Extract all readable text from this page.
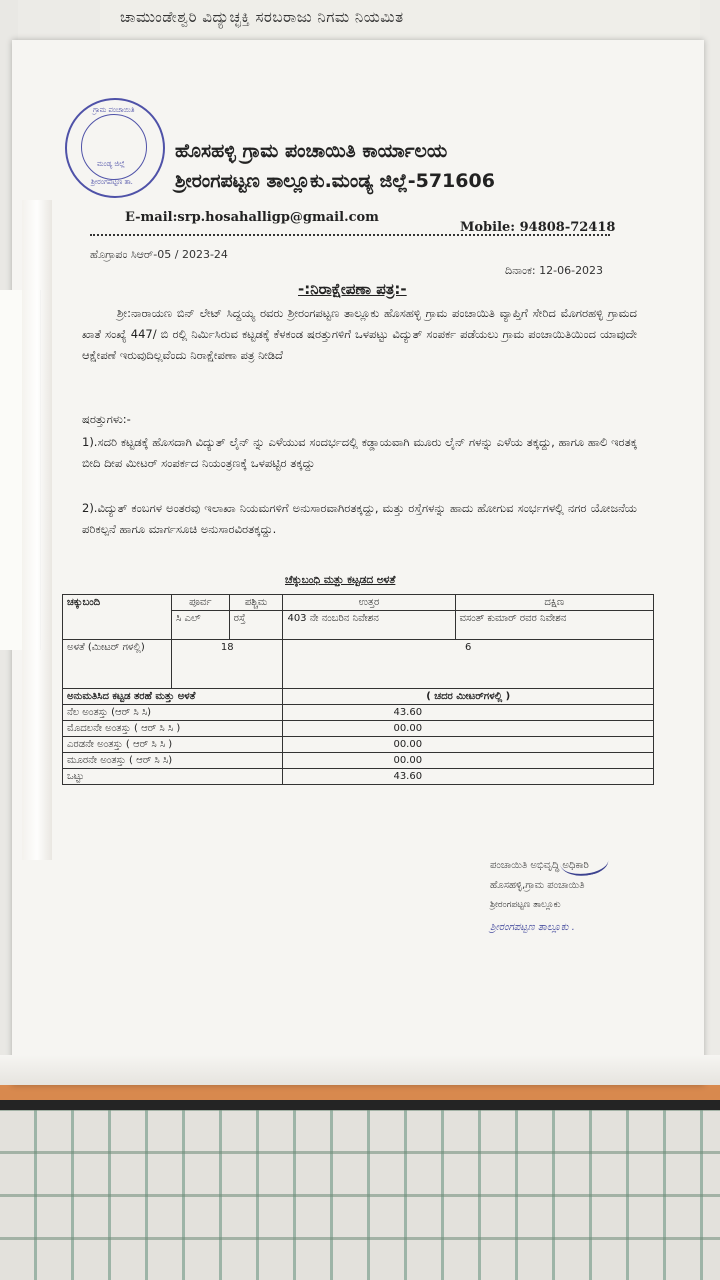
ಚಾಮುಂಡೇಶ್ವರಿ ವಿದ್ಯುಚ್ಛಕ್ತಿ ಸರಬರಾಜು ನಿಗಮ ನಿಯಮಿತ
ಗ್ರಾಮ ಪಂಚಾಯಿತಿ
ಮಂಡ್ಯ ಜಿಲ್ಲೆ
ಶ್ರೀರಂಗಪಟ್ಟಣ ತಾ.
ಹೊಸಹಳ್ಳಿ ಗ್ರಾಮ ಪಂಚಾಯಿತಿ ಕಾರ್ಯಾಲಯ
ಶ್ರೀರಂಗಪಟ್ಟಣ ತಾಲ್ಲೂಕು.ಮಂಡ್ಯ ಜಿಲ್ಲೆ-571606
E-mail:srp.hosahalligp@gmail.com
Mobile: 94808-72418
ಹೊಗ್ರಾಪಂ ಸಿಆರ್-05 / 2023-24
ದಿನಾಂಕ: 12-06-2023
-:ನಿರಾಕ್ಷೇಪಣಾ ಪತ್ರ:-
ಶ್ರೀ:ನಾರಾಯಣ ಬಿನ್ ಲೇಟ್ ಸಿದ್ದಯ್ಯ ರವರು ಶ್ರೀರಂಗಪಟ್ಟಣ ತಾಲ್ಲೂಕು ಹೊಸಹಳ್ಳಿ ಗ್ರಾಮ ಪಂಚಾಯಿತಿ ವ್ಯಾಪ್ತಿಗೆ ಸೇರಿದ ಮೊಗರಹಳ್ಳಿ ಗ್ರಾಮದ ಖಾತೆ ಸಂಖ್ಯೆ 447/ ಬಿ ರಲ್ಲಿ ನಿರ್ಮಿಸಿರುವ ಕಟ್ಟಡಕ್ಕೆ ಕೆಳಕಂಡ ಷರತ್ತುಗಳಿಗೆ ಒಳಪಟ್ಟು ವಿದ್ಯುತ್ ಸಂಪರ್ಕ ಪಡೆಯಲು ಗ್ರಾಮ ಪಂಚಾಯಿತಿಯಿಂದ ಯಾವುದೇ ಆಕ್ಷೇಪಣೆ ಇರುವುದಿಲ್ಲವೆಂದು ನಿರಾಕ್ಷೇಪಣಾ ಪತ್ರ ನೀಡಿದೆ
ಷರತ್ತುಗಳು:-
1).ಸದರಿ ಕಟ್ಟಡಕ್ಕೆ ಹೊಸದಾಗಿ ವಿದ್ಯುತ್ ಲೈನ್ ನ್ನು ಎಳೆಯುವ ಸಂದರ್ಭದಲ್ಲಿ ಕಡ್ಡಾಯವಾಗಿ ಮೂರು ಲೈನ್ ಗಳನ್ನು ಎಳೆಯ ತಕ್ಕದ್ದು, ಹಾಗೂ ಹಾಲಿ ಇರತಕ್ಕ ಬೀದಿ ದೀಪ ಮೀಟರ್ ಸಂಪರ್ಕದ ನಿಯಂತ್ರಣಕ್ಕೆ ಒಳಪಟ್ಟಿರ ತಕ್ಕದ್ದು
2).ವಿದ್ಯುತ್ ಕಂಬಗಳ ಅಂತರವು ಇಲಾಖಾ ನಿಯಮಗಳಿಗೆ ಅನುಸಾರವಾಗಿರತಕ್ಕದ್ದು, ಮತ್ತು ರಸ್ತೆಗಳನ್ನು ಹಾದು ಹೋಗುವ ಸಂರ್ಭಗಳಲ್ಲಿ ನಗರ ಯೋಜನೆಯ ಪರಿಕಲ್ಪನೆ ಹಾಗೂ ಮಾರ್ಗಸೂಚಿ ಅನುಸಾರವಿರತಕ್ಕದ್ದು.
ಚೆಕ್ಕುಬಂಧಿ ಮತ್ತು ಕಟ್ಟಡದ ಅಳತೆ
ಚಕ್ಕುಬಂದಿ	ಪೂರ್ವ	ಪಶ್ಚಿಮ	ಉತ್ತರ	ದಕ್ಷಿಣ
	ಸಿ ಎಲ್	ರಸ್ತೆ	403 ನೇ ನಂಬರಿನ ನಿವೇಶನ	ವಸಂತ್ ಕುಮಾರ್ ರವರ ನಿವೇಶನ
ಅಳತೆ (ಮೀಟರ್ ಗಳಲ್ಲಿ)	18		6	
ಅನುಮತಿಸಿದ ಕಟ್ಟಡ ತರಹೆ ಮತ್ತು ಅಳತೆ			( ಚದರ ಮೀಟರ್‌ಗಳಲ್ಲಿ )	
ನೆಲ ಅಂತಸ್ತು (ಆರ್ ಸಿ ಸಿ)			43.60	
ಮೊದಲನೇ ಅಂತಸ್ತು ( ಆರ್ ಸಿ ಸಿ )			00.00	
ಎರಡನೇ ಅಂತಸ್ತು ( ಆರ್ ಸಿ ಸಿ )			00.00	
ಮೂರನೇ ಅಂತಸ್ತು ( ಆರ್ ಸಿ ಸಿ)			00.00	
ಒಟ್ಟು			43.60	
ಪಂಚಾಯಿತಿ ಅಭಿವೃದ್ಧಿ ಅಧಿಕಾರಿ
ಹೊಸಹಳ್ಳಿ,ಗ್ರಾಮ ಪಂಚಾಯಿತಿ
ಶ್ರೀರಂಗಪಟ್ಟಣ ತಾಲ್ಲೂಕು
ಶ್ರೀರಂಗಪಟ್ಟಣ ತಾಲ್ಲೂಕು .
